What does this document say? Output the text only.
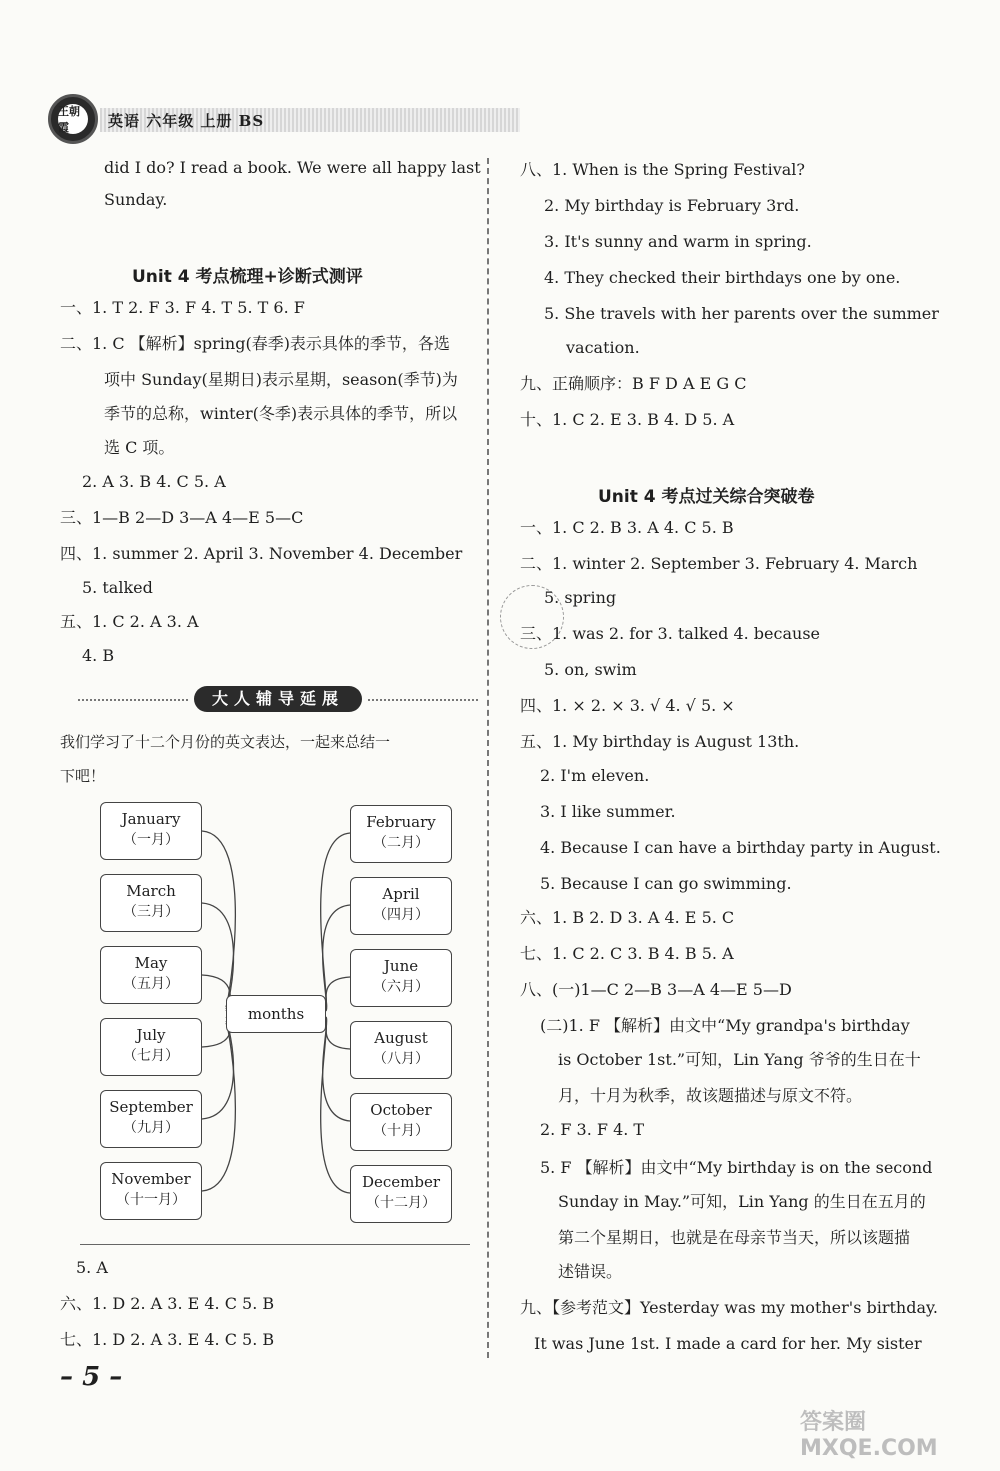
王朝霞	英语 六年级 上册 BS
did I do? I read a book. We were all happy last
Sunday.
Unit 4 考点梳理+诊断式测评
一、1. T 2. F 3. F 4. T 5. T 6. F
二、1. C 【解析】spring(春季)表示具体的季节，各选
项中 Sunday(星期日)表示星期，season(季节)为
季节的总称，winter(冬季)表示具体的季节，所以
选 C 项。
2. A 3. B 4. C 5. A
三、1—B 2—D 3—A 4—E 5—C
四、1. summer 2. April 3. November 4. December
5. talked
五、1. C 2. A 3. A
4. B
大人辅导延展
我们学习了十二个月份的英文表达，一起来总结一
下吧！
January
（一月）
March
（三月）
May
（五月）
July
（七月）
September
（九月）
November
（十一月）
months
February
（二月）
April
（四月）
June
（六月）
August
（八月）
October
（十月）
December
（十二月）
5. A
六、1. D 2. A 3. E 4. C 5. B
七、1. D 2. A 3. E 4. C 5. B
八、1. When is the Spring Festival?
2. My birthday is February 3rd.
3. It's sunny and warm in spring.
4. They checked their birthdays one by one.
5. She travels with her parents over the summer
vacation.
九、正确顺序：B F D A E G C
十、1. C 2. E 3. B 4. D 5. A
Unit 4 考点过关综合突破卷
一、1. C 2. B 3. A 4. C 5. B
二、1. winter 2. September 3. February 4. March
5. spring
三、1. was 2. for 3. talked 4. because
5. on, swim
四、1. × 2. × 3. √ 4. √ 5. ×
五、1. My birthday is August 13th.
2. I'm eleven.
3. I like summer.
4. Because I can have a birthday party in August.
5. Because I can go swimming.
六、1. B 2. D 3. A 4. E 5. C
七、1. C 2. C 3. B 4. B 5. A
八、(一)1—C 2—B 3—A 4—E 5—D
(二)1. F 【解析】由文中“My grandpa's birthday
is October 1st.”可知，Lin Yang 爷爷的生日在十
月，十月为秋季，故该题描述与原文不符。
2. F 3. F 4. T
5. F 【解析】由文中“My birthday is on the second
Sunday in May.”可知，Lin Yang 的生日在五月的
第二个星期日，也就是在母亲节当天，所以该题描
述错误。
九、【参考范文】Yesterday was my mother's birthday.
It was June 1st. I made a card for her. My sister
– 5 –
答案圈 MXQE.COM
